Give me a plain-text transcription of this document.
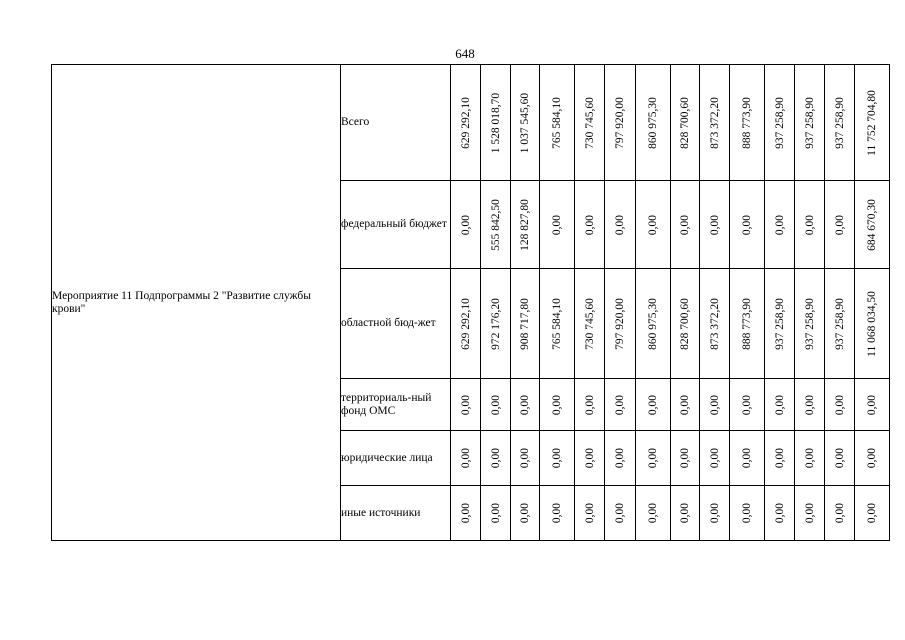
648
Мероприятие 11 Подпрограммы 2 "Развитие службы крови"	Всего	629 292,10	1 528 018,70	1 037 545,60	765 584,10	730 745,60	797 920,00	860 975,30	828 700,60	873 372,20	888 773,90	937 258,90	937 258,90	937 258,90	11 752 704,80

	федеральный бюджет	0,00	555 842,50	128 827,80	0,00	0,00	0,00	0,00	0,00	0,00	0,00	0,00	0,00	0,00	684 670,30

	областной бюд-жет	629 292,10	972 176,20	908 717,80	765 584,10	730 745,60	797 920,00	860 975,30	828 700,60	873 372,20	888 773,90	937 258,90	937 258,90	937 258,90	11 068 034,50

	территориаль-ный фонд ОМС	0,00	0,00	0,00	0,00	0,00	0,00	0,00	0,00	0,00	0,00	0,00	0,00	0,00	0,00

	юридические лица	0,00	0,00	0,00	0,00	0,00	0,00	0,00	0,00	0,00	0,00	0,00	0,00	0,00	0,00

	иные источники	0,00	0,00	0,00	0,00	0,00	0,00	0,00	0,00	0,00	0,00	0,00	0,00	0,00	0,00
